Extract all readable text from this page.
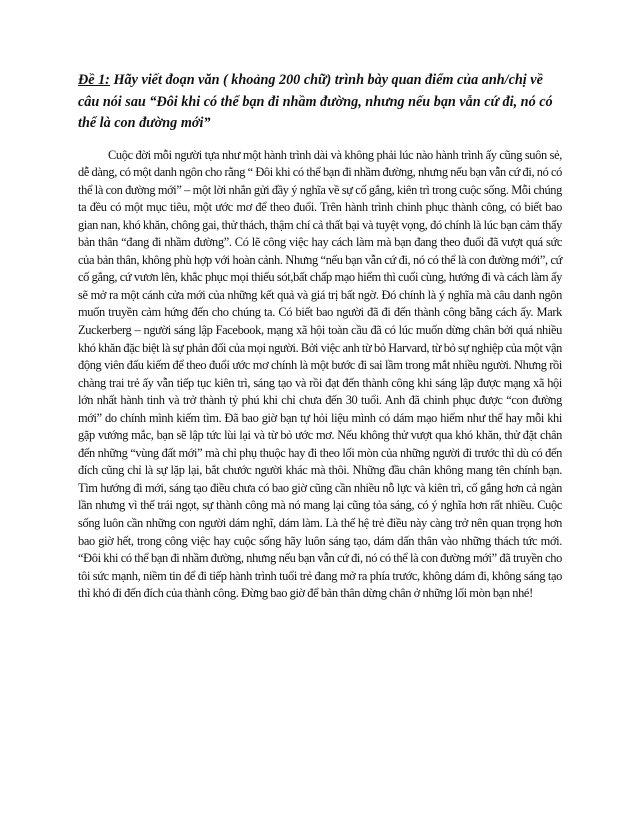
Đề 1: Hãy viết đoạn văn ( khoảng 200 chữ) trình bày quan điểm của anh/chị về câu nói sau “Đôi khi có thể bạn đi nhầm đường, nhưng nếu bạn vẫn cứ đi, nó có thể là con đường mới”

Cuộc đời mỗi người tựa như một hành trình dài và không phải lúc nào hành trình ấy cũng suôn sẻ, dễ dàng, có một danh ngôn cho rằng “ Đôi khi có thể bạn đi nhầm đường, nhưng nếu bạn vẫn cứ đi, nó có thể là con đường mới” – một lời nhắn gửi đầy ý nghĩa về sự cố gắng, kiên trì trong cuộc sống. Mỗi chúng ta đều có một mục tiêu, một ước mơ để theo đuổi. Trên hành trình chinh phục thành công, có biết bao gian nan, khó khăn, chông gai, thử thách, thậm chí cả thất bại và tuyệt vọng, đó chính là lúc bạn cảm thấy bản thân “đang đi nhầm đường”. Có lẽ công việc hay cách làm mà bạn đang theo đuổi đã vượt quá sức của bản thân, không phù hợp với hoàn cảnh. Nhưng “nếu bạn vẫn cứ đi, nó có thể là con đường mới”, cứ cố gắng, cứ vươn lên, khắc phục mọi thiếu sót,bất chấp mạo hiểm thì cuối cùng, hướng đi và cách làm ấy sẽ mở ra một cánh cửa mới của những kết quả và giá trị bất ngờ. Đó chính là ý nghĩa mà câu danh ngôn muốn truyền cảm hứng đến cho chúng ta. Có biết bao người đã đi đến thành công bằng cách ấy. Mark Zuckerberg – người sáng lập Facebook, mạng xã hội toàn cầu đã có lúc muốn dừng chân bởi quá nhiều khó khăn đặc biệt là sự phản đối của mọi người. Bởi việc anh từ bỏ Harvard, từ bỏ sự nghiệp của một vận động viên đấu kiếm để theo đuổi ước mơ chính là một bước đi sai lầm trong mắt nhiều người. Nhưng rồi chàng trai trẻ ấy vẫn tiếp tục kiên trì, sáng tạo và rồi đạt đến thành công khi sáng lập được mạng xã hội lớn nhất hành tinh và trở thành tỷ phú khi chỉ chưa đến 30 tuổi. Anh đã chinh phục được “con đường mới” do chính mình kiếm tìm. Đã bao giờ bạn tự hỏi liệu mình có dám mạo hiểm như thế hay mỗi khi gặp vướng mắc, bạn sẽ lập tức lùi lại và từ bỏ ước mơ. Nếu không thử vượt qua khó khăn, thử đặt chân đến những “vùng đất mới” mà chỉ phụ thuộc hay đi theo lối mòn của những người đi trước thì dù có đến đích cũng chỉ là sự lặp lại, bắt chước người khác mà thôi. Những đầu chân không mang tên chính bạn. Tìm hướng đi mới, sáng tạo điều chưa có bao giờ cũng cần nhiều nỗ lực và kiên trì, cố gắng hơn cả ngàn lần nhưng vì thế trái ngọt, sự thành công mà nó mang lại cũng tỏa sáng, có ý nghĩa hơn rất nhiều. Cuộc sống luôn cần những con người dám nghĩ, dám làm. Là thế hệ trẻ điều này càng trở nên quan trọng hơn bao giờ hết, trong công việc hay cuộc sống hãy luôn sáng tạo, dám dấn thân vào những thách tức mới. “Đôi khi có thể bạn đi nhầm đường, nhưng nếu bạn vẫn cứ đi, nó có thể là con đường mới” đã truyền cho tôi sức mạnh, niềm tin để đi tiếp hành trình tuổi trẻ đang mở ra phía trước, không dám đi, không sáng tạo thì khó đi đến đích của thành công. Đừng bao giờ để bản thân dừng chân ở những lối mòn bạn nhé!
